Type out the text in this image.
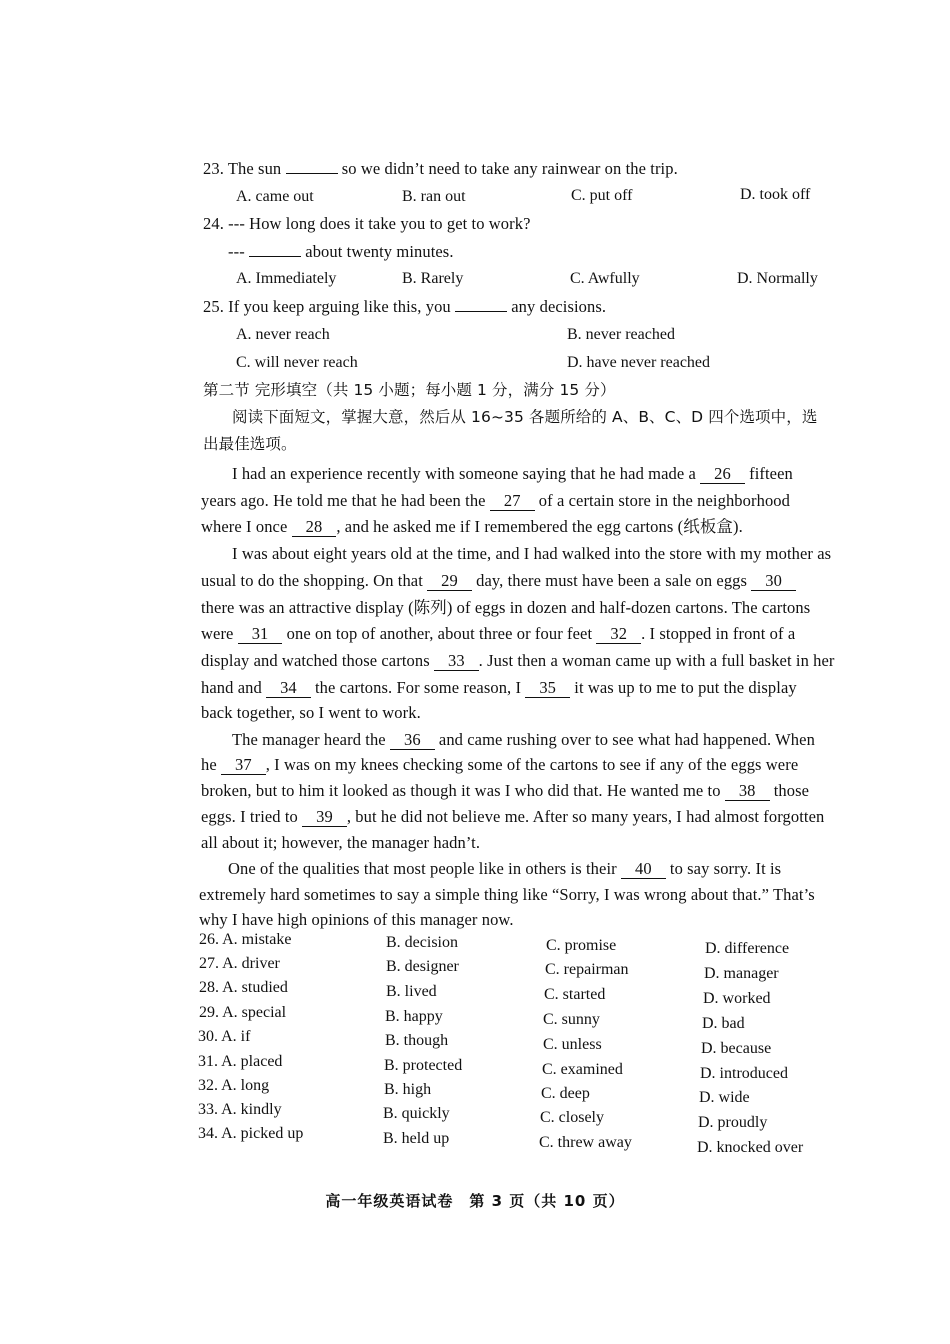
23. The sun	so we didn’t need to take any rainwear on the trip.
A. came out	B. ran out	C. put off	D. took off
24. --- How long does it take you to get to work?
---	about twenty minutes.
A. Immediately	B. Rarely	C. Awfully	D. Normally
25. If you keep arguing like this, you	any decisions.
A. never reach	B. never reached
C. will never reach	D. have never reached
第二节 完形填空（共 15 小题；每小题 1 分，满分 15 分）
阅读下面短文，掌握大意，然后从 16~35 各题所给的 A、B、C、D 四个选项中，选
出最佳选项。
I had an experience recently with someone saying that he had made a 26 fifteen
years ago. He told me that he had been the 27 of a certain store in the neighborhood
where I once 28 , and he asked me if I remembered the egg cartons (纸板盒).
I was about eight years old at the time, and I had walked into the store with my mother as
usual to do the shopping. On that 29 day, there must have been a sale on eggs 30
there was an attractive display (陈列) of eggs in dozen and half-dozen cartons. The cartons
were 31 one on top of another, about three or four feet 32 . I stopped in front of a
display and watched those cartons 33 . Just then a woman came up with a full basket in her
hand and 34 the cartons. For some reason, I 35 it was up to me to put the display
back together, so I went to work.
The manager heard the 36 and came rushing over to see what had happened. When
he 37 , I was on my knees checking some of the cartons to see if any of the eggs were
broken, but to him it looked as though it was I who did that. He wanted me to 38 those
eggs. I tried to 39 , but he did not believe me. After so many years, I had almost forgotten
all about it; however, the manager hadn’t.
One of the qualities that most people like in others is their 40 to say sorry. It is
extremely hard sometimes to say a simple thing like “Sorry, I was wrong about that.” That’s
why I have high opinions of this manager now.
26. A. mistake	B. decision	C. promise	D. difference
27. A. driver	B. designer	C. repairman	D. manager
28. A. studied	B. lived	C. started	D. worked
29. A. special	B. happy	C. sunny	D. bad
30. A. if	B. though	C. unless	D. because
31. A. placed	B. protected	C. examined	D. introduced
32. A. long	B. high	C. deep	D. wide
33. A. kindly	B. quickly	C. closely	D. proudly
34. A. picked up	B. held up	C. threw away	D. knocked over
高一年级英语试卷　第 3 页（共 10 页）
